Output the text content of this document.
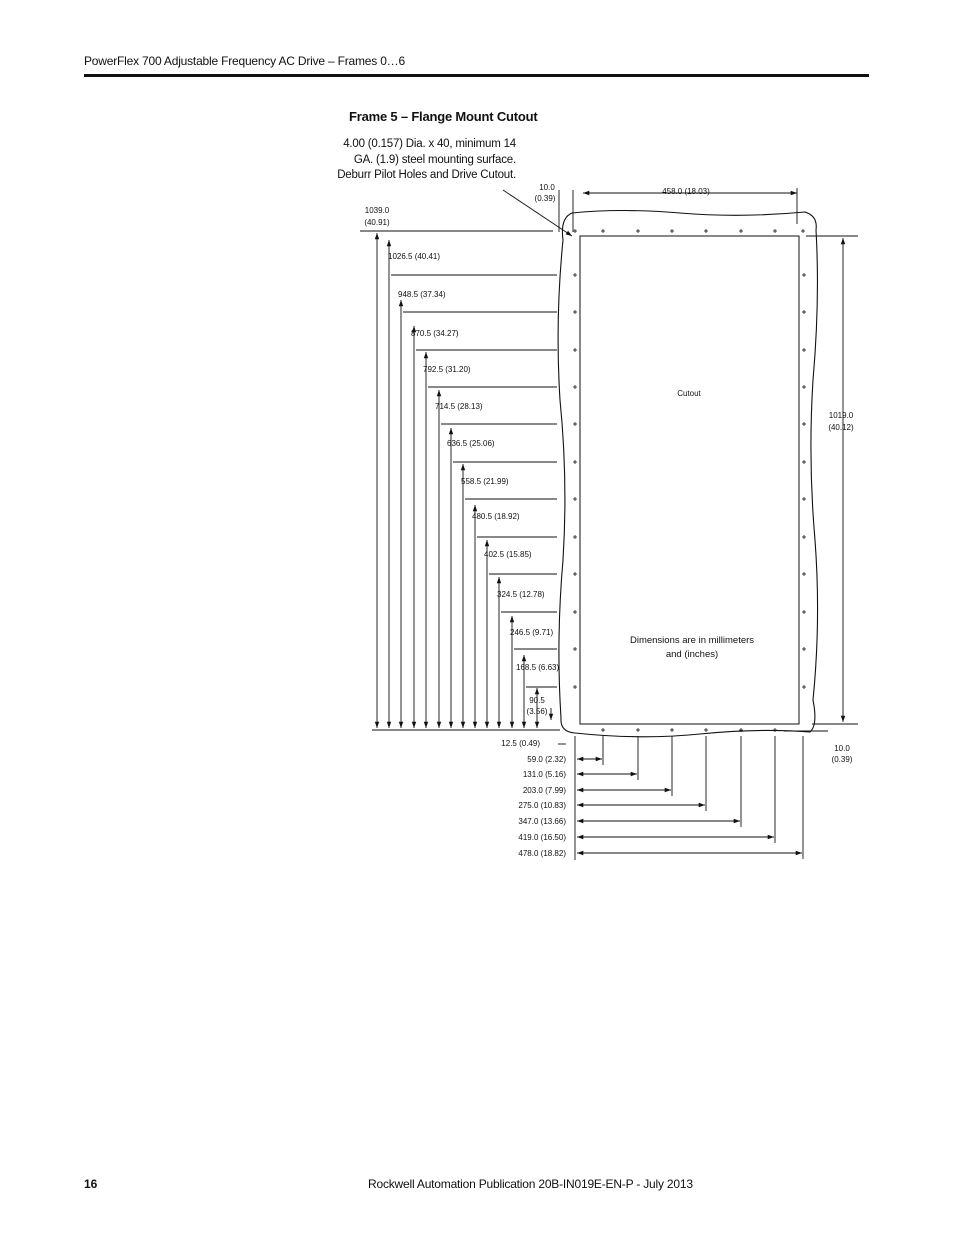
PowerFlex 700 Adjustable Frequency AC Drive – Frames 0…6
Frame 5 – Flange Mount Cutout
4.00 (0.157) Dia. x 40, minimum 14
GA. (1.9) steel mounting surface.
Deburr Pilot Holes and Drive Cutout.
Cutout
Dimensions are in millimeters
and (inches)
10.0
(0.39)
458.0 (18.03)
1039.0
(40.91)
1019.0
(40.12)
10.0
(0.39)
12.5 (0.49)
90.5
(3.56)
1026.5 (40.41)
948.5 (37.34)
870.5 (34.27)
792.5 (31.20)
714.5 (28.13)
636.5 (25.06)
558.5 (21.99)
480.5 (18.92)
402.5 (15.85)
324.5 (12.78)
246.5 (9.71)
168.5 (6.63)
59.0 (2.32)
131.0 (5.16)
203.0 (7.99)
275.0 (10.83)
347.0 (13.66)
419.0 (16.50)
478.0 (18.82)
16	Rockwell Automation Publication 20B-IN019E-EN-P - July 2013
